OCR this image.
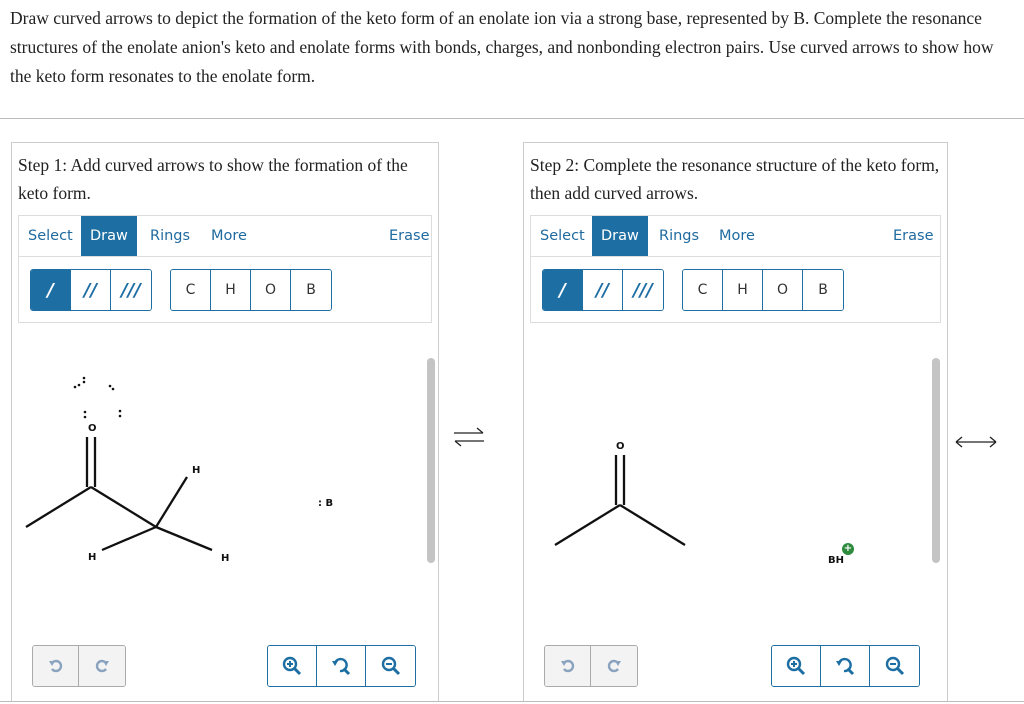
Draw curved arrows to depict the formation of the keto form of an enolate ion via a strong base, represented by B. Complete the resonance structures of the enolate anion's keto and enolate forms with bonds, charges, and nonbonding electron pairs. Use curved arrows to show how the keto form resonates to the enolate form.

Step 1: Add curved arrows to show the formation of the keto form.
Select	Draw	Rings More	Erase
/	//	///	C	H	O	B
O
H
H	H
: B
Step 2: Complete the resonance structure of the keto form, then add curved arrows.
Select	Draw	Rings More	Erase
/	//	///	C	H	O	B
O
BH
+
